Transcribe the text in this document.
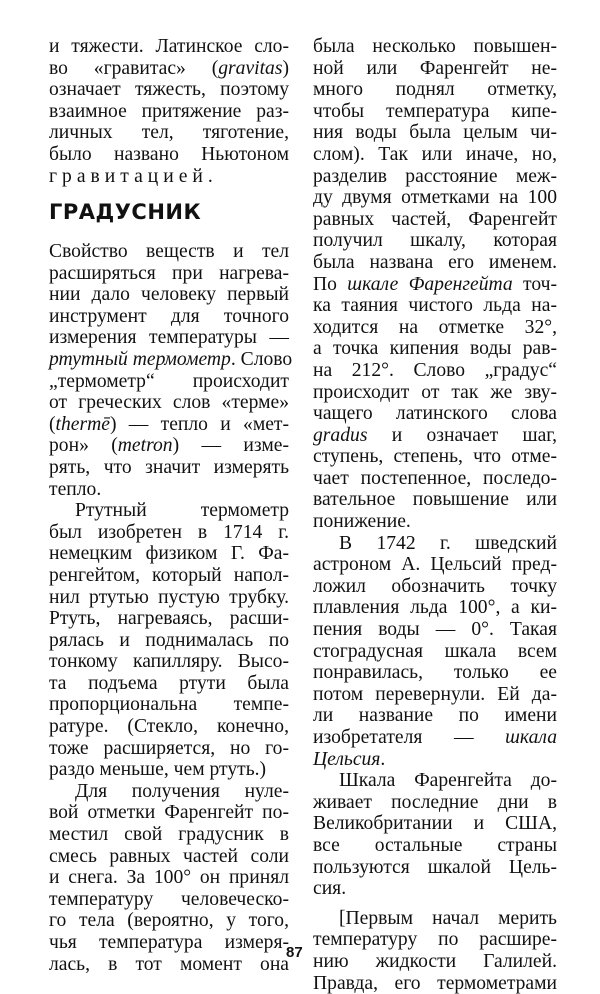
и тяжести. Латинское сло-
во «гравитас» (gravitas)
означает тяжесть, поэтому
взаимное притяжение раз-
личных тел, тяготение,
было названо Ньютоном
гравитацией.
ГРАДУСНИК
Свойство веществ и тел
расширяться при нагрева-
нии дало человеку первый
инструмент для точного
измерения температуры —
ртутный термометр. Слово
„термометр“ происходит
от греческих слов «терме»
(thermē) — тепло и «мет-
рон» (metron) — изме-
рять, что значит измерять
тепло.
Ртутный термометр
был изобретен в 1714 г.
немецким физиком Г. Фа-
ренгейтом, который напол-
нил ртутью пустую трубку.
Ртуть, нагреваясь, расши-
рялась и поднималась по
тонкому капилляру. Высо-
та подъема ртути была
пропорциональна темпе-
ратуре. (Стекло, конечно,
тоже расширяется, но го-
раздо меньше, чем ртуть.)
Для получения нуле-
вой отметки Фаренгейт по-
местил свой градусник в
смесь равных частей соли
и снега. За 100° он принял
температуру человеческо-
го тела (вероятно, у того,
чья температура измеря-
лась, в тот момент она
была несколько повышен-
ной или Фаренгейт не-
много поднял отметку,
чтобы температура кипе-
ния воды была целым чи-
слом). Так или иначе, но,
разделив расстояние меж-
ду двумя отметками на 100
равных частей, Фаренгейт
получил шкалу, которая
была названа его именем.
По шкале Фаренгейта точ-
ка таяния чистого льда на-
ходится на отметке 32°,
а точка кипения воды рав-
на 212°. Слово „градус“
происходит от так же зву-
чащего латинского слова
gradus и означает шаг,
ступень, степень, что отме-
чает постепенное, последо-
вательное повышение или
понижение.
В 1742 г. шведский
астроном А. Цельсий пред-
ложил обозначить точку
плавления льда 100°, а ки-
пения воды — 0°. Такая
стоградусная шкала всем
понравилась, только ее
потом перевернули. Ей да-
ли название по имени
изобретателя — шкала
Цельсия.
Шкала Фаренгейта до-
живает последние дни в
Великобритании и США,
все остальные страны
пользуются шкалой Цель-
сия.
[Первым начал мерить
температуру по расшире-
нию жидкости Галилей.
Правда, его термометрами
87
